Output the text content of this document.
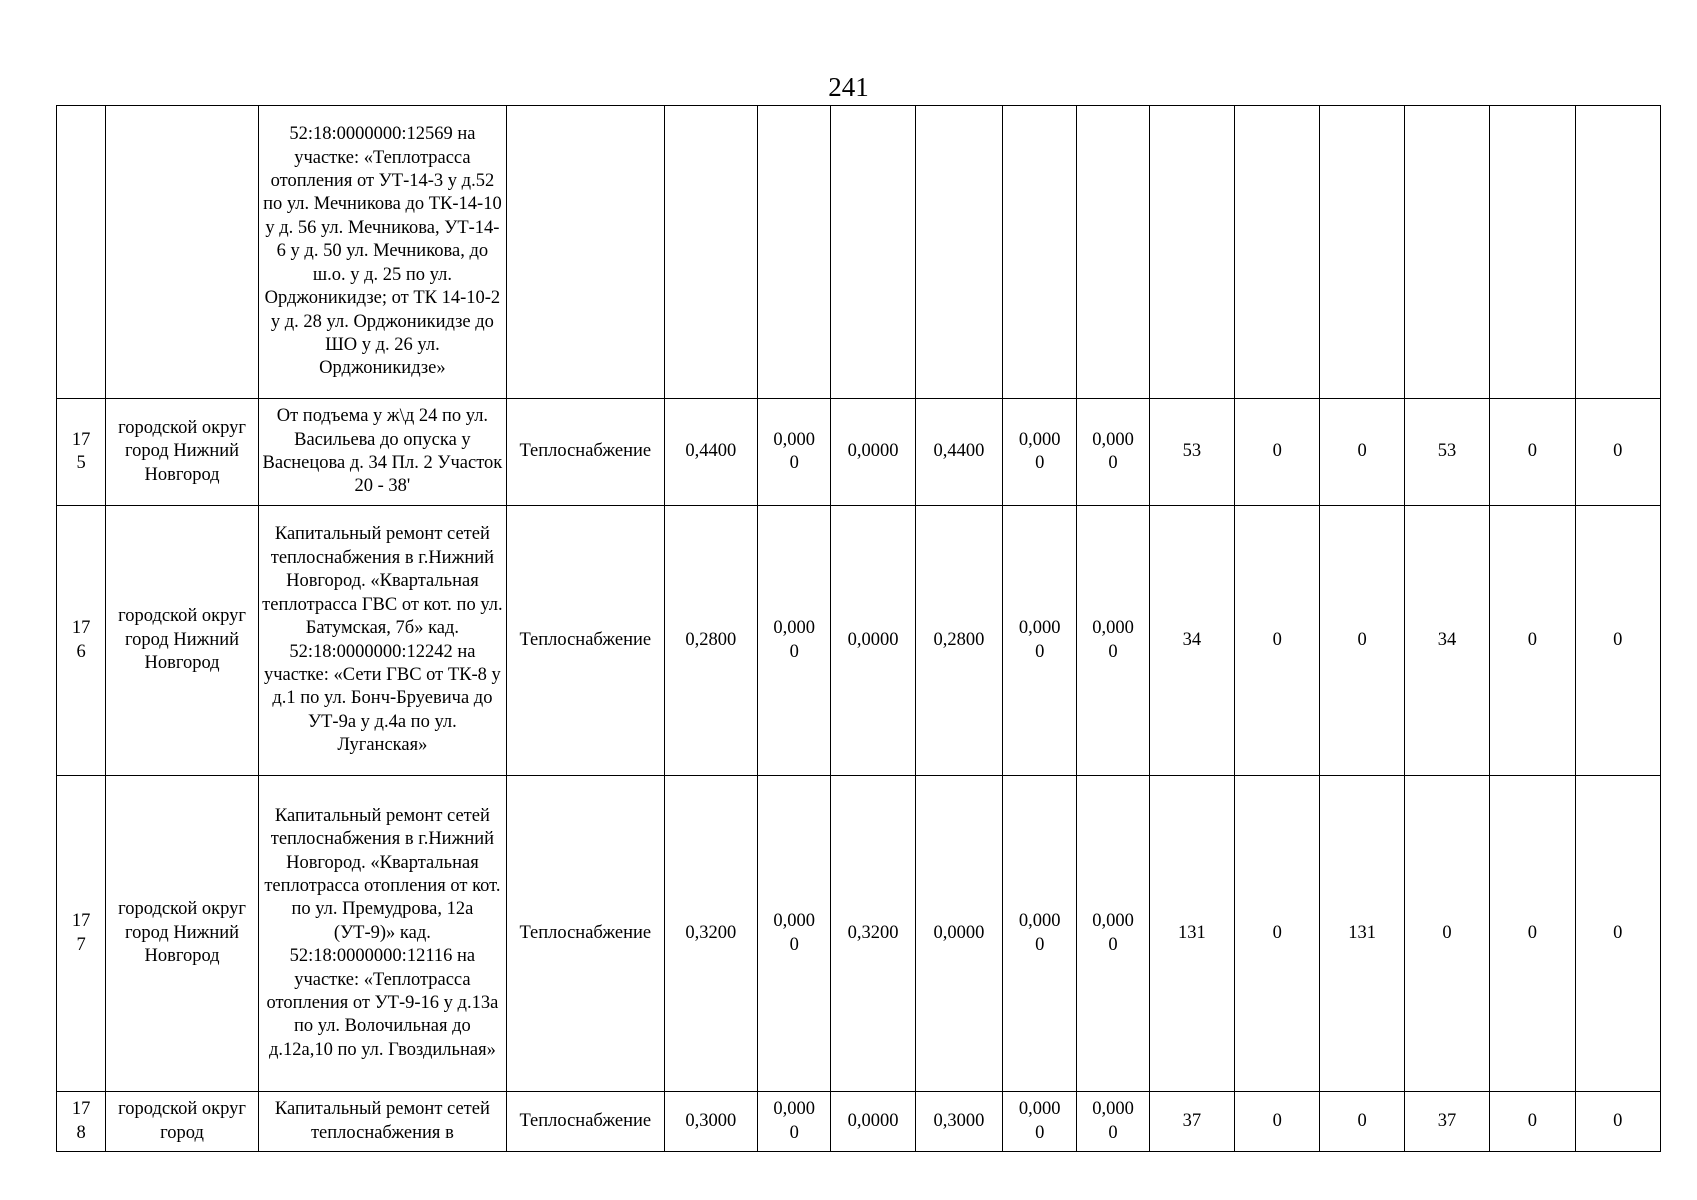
241
		52:18:0000000:12569 на участке: «Теплотрасса отопления от УТ-14-3 у д.52 по ул. Мечникова до ТК-14-10 у д. 56 ул. Мечникова, УТ-14-6 у д. 50 ул. Мечникова, до ш.о. у д. 25 по ул. Орджоникидзе; от ТК 14-10-2 у д. 28 ул. Орджоникидзе до ШО у д. 26 ул. Орджоникидзе»													
175	городской округ город Нижний Новгород	От подъема у ж\д 24 по ул. Васильева до опуска у Васнецова д. 34 Пл. 2 Участок 20 - 38'	Теплоснабжение	0,4400	0,0000	0,0000	0,4400	0,0000	0,0000	53	0	0	53	0	0
176	городской округ город Нижний Новгород	Капитальный ремонт сетей теплоснабжения в г.Нижний Новгород. «Квартальная теплотрасса ГВС от кот. по ул. Батумская, 7б» кад. 52:18:0000000:12242 на участке: «Сети ГВС от ТК-8 у д.1 по ул. Бонч-Бруевича до УТ-9а у д.4а по ул. Луганская»	Теплоснабжение	0,2800	0,0000	0,0000	0,2800	0,0000	0,0000	34	0	0	34	0	0
177	городской округ город Нижний Новгород	Капитальный ремонт сетей теплоснабжения в г.Нижний Новгород. «Квартальная теплотрасса отопления от кот. по ул. Премудрова, 12а (УТ-9)» кад. 52:18:0000000:12116 на участке: «Теплотрасса отопления от УТ-9-16 у д.13а по ул. Волочильная до д.12а,10 по ул. Гвоздильная»	Теплоснабжение	0,3200	0,0000	0,3200	0,0000	0,0000	0,0000	131	0	131	0	0	0
178	городской округ город	Капитальный ремонт сетей теплоснабжения в	Теплоснабжение	0,3000	0,0000	0,0000	0,3000	0,0000	0,0000	37	0	0	37	0	0
